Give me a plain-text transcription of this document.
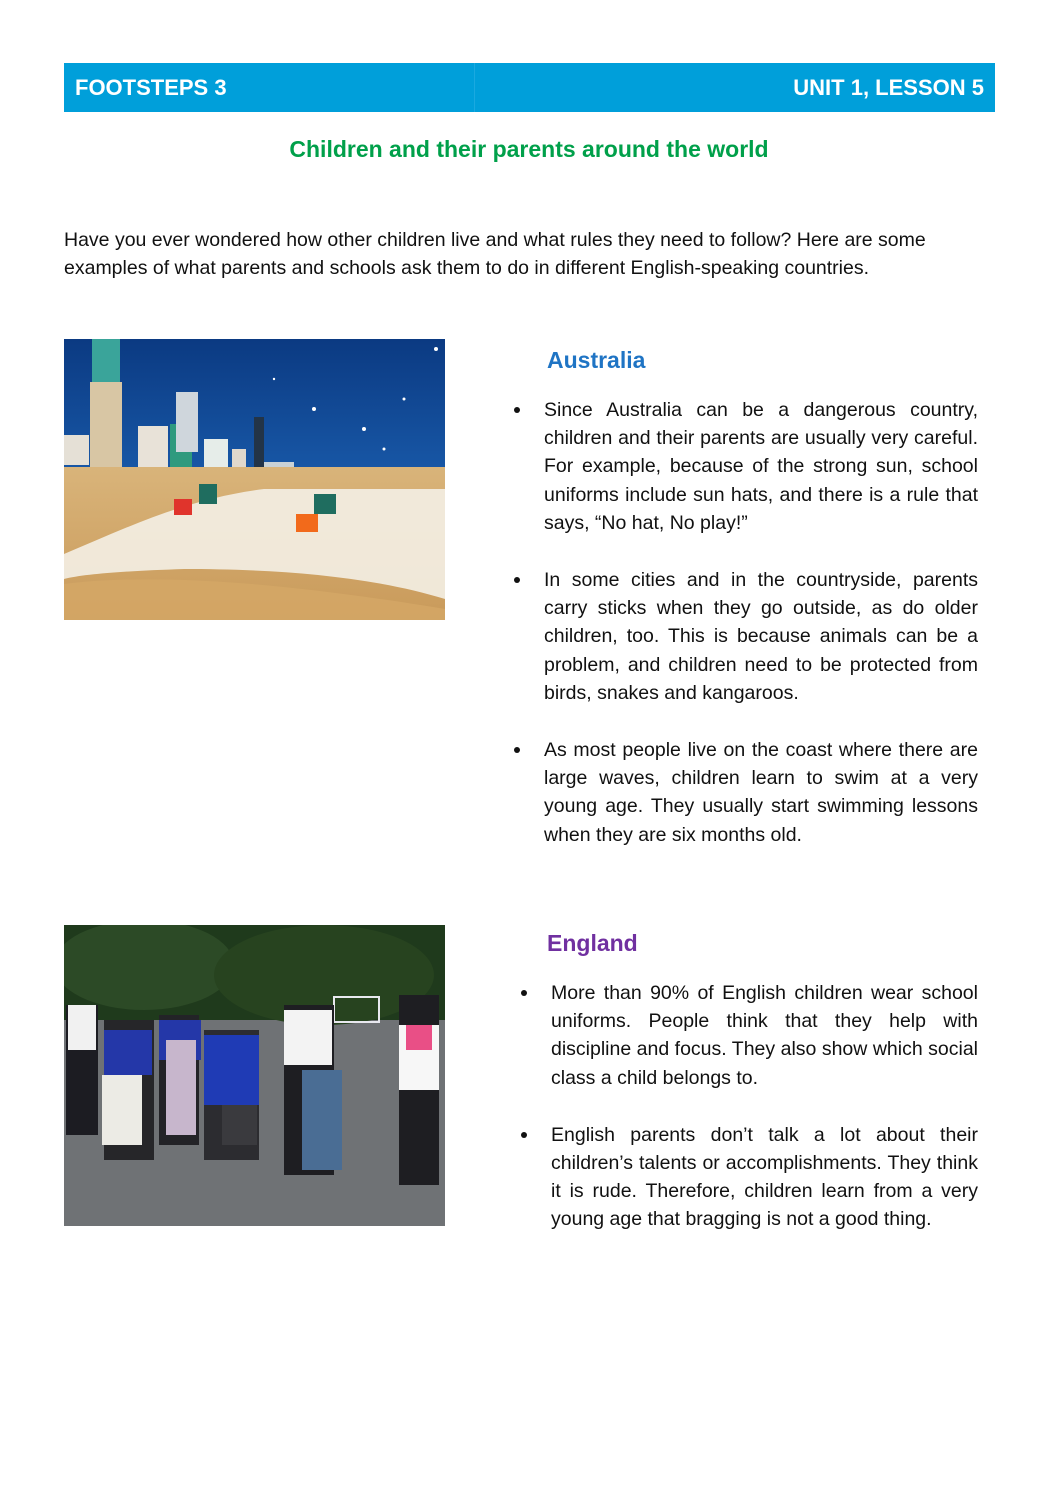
FOOTSTEPS 3	UNIT 1, LESSON 5
Children and their parents around the world

Have you ever wondered how other children live and what rules they need to follow? Here are some examples of what parents and schools ask them to do in different English-speaking countries.

Australia
Since Australia can be a dangerous country, children and their parents are usually very careful. For example, because of the strong sun, school uniforms include sun hats, and there is a rule that says, “No hat, No play!”
In some cities and in the countryside, parents carry sticks when they go outside, as do older children, too. This is because animals can be a problem, and children need to be protected from birds, snakes and kangaroos.
As most people live on the coast where there are large waves, children learn to swim at a very young age. They usually start swimming lessons when they are six months old.
England
More than 90% of English children wear school uniforms. People think that they help with discipline and focus. They also show which social class a child belongs to.
English parents don’t talk a lot about their children’s talents or accomplishments. They think it is rude. Therefore, children learn from a very young age that bragging is not a good thing.
